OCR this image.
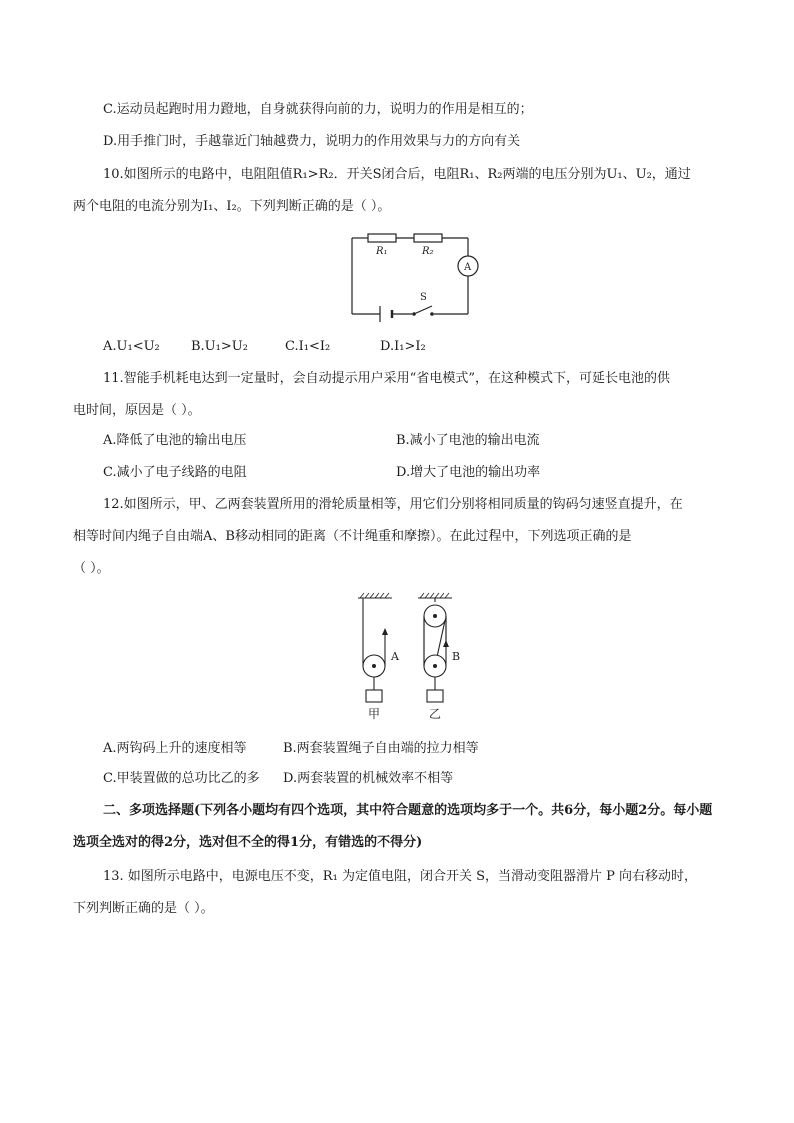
C.运动员起跑时用力蹬地，自身就获得向前的力，说明力的作用是相互的；
D.用手推门时，手越靠近门轴越费力，说明力的作用效果与力的方向有关
10.如图所示的电路中，电阻阻值R₁>R₂．开关S闭合后，电阻R₁、R₂两端的电压分别为U₁、U₂，通过
两个电阻的电流分别为I₁、I₂。下列判断正确的是（ ）。
R₁	R₂
A
S
A.U₁<U₂ B.U₁>U₂	C.I₁<I₂	D.I₁>I₂
11.智能手机耗电达到一定量时，会自动提示用户采用“省电模式”，在这种模式下，可延长电池的供
电时间，原因是（ ）。
A.降低了电池的输出电压	B.减小了电池的输出电流
C.减小了电子线路的电阻	D.增大了电池的输出功率
12.如图所示，甲、乙两套装置所用的滑轮质量相等，用它们分别将相同质量的钩码匀速竖直提升，在
相等时间内绳子自由端A、B移动相同的距离（不计绳重和摩擦）。在此过程中，下列选项正确的是
（ ）。
A	B
甲	乙
A.两钩码上升的速度相等	B.两套装置绳子自由端的拉力相等
C.甲装置做的总功比乙的多 D.两套装置的机械效率不相等
二、多项选择题(下列各小题均有四个选项，其中符合题意的选项均多于一个。共6分，每小题2分。每小题
选项全选对的得2分，选对但不全的得1分，有错选的不得分)
13. 如图所示电路中，电源电压不变，R₁ 为定值电阻，闭合开关 S，当滑动变阻器滑片 P 向右移动时，
下列判断正确的是（ ）。
